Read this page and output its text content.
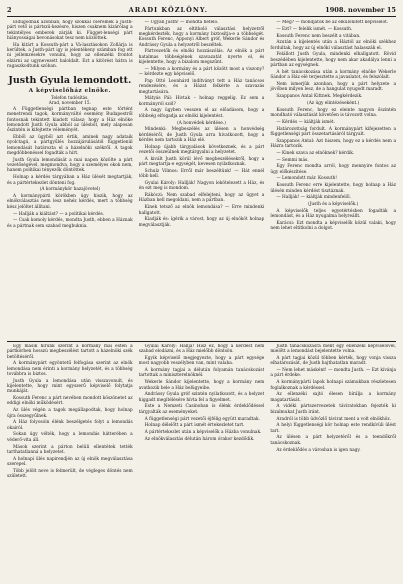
2	ARADI KÖZLÖNY.	1908. november 15

Eldugódnak azonban, hogy szokkal cserélnek a Justh-párt vető is pártszü-kezésre, hiszen csaknem kizárólag a tekintélyes emberek zárják ki. Függet-lenségi párt hiányosságai bevonásokat tesz nem közlöttek.

Ha kitárt a Kossuth-párt a Vá-lasztásokon Zollárja is kerültek, a Justh-párt igy is jelentékeny számban fog ott ni jellemzésekre vonulni, hogy az ellenzéki frontot elzárni az ugynevezett baloldalt. Ezt a kitörést hátra is ragaszkodtunk szóban.

Justh Gyula lemondott.
A képviselőház elnöke.
Telefon tudósítás.
Arad, november 15.

A Függetlenségi pártban tegnap este történt menetrendi tagok, kormányváltó esemény Budapestről fontosnak tekintett kiadott válasz; hogy a Ház elnöke lemondott Justh Gyula abból az ülésből, mely alaposan őszintén is kifejtette véleményét.

Ebből az ügyből azt értik, aminek nagy adataik nyolctagú, a pártgyűlés hozzájárulásától függetlenül lemondását határozta el a házelnöki székről. A tagok megdöbbenéssel fogadták a hírt.

Justh Gyula lemondását a mai napon közölte a párt vezetőségével, megmondva, hogy a személyes okok nem, hanem politikai tényezők döntöttek.

Holnap a kérdés tárgyában a Ház ülését megtartják, és a pártértekezlet dönteni fog.

(A kormánykör hazajövetel)

A kormánypárti körökben úgy hiszik, hogy az elnökválasztás nem lesz nehéz kérdés, mert a többség kész jelöltet állítani.

— Hallják a kiáltást? — a politikai kérdés.

— Csak komoly kérdés, mondta Justh, ebben a Háznak és a pártnak sem szabad megbuknia.

— Ugyan Justh! — mondta hetelő.

Pártunkban az eltitkoló választási helyzetről megkérdezték, hogy a kormány biztosítja-e a többségét. Kossuth Ferenc, Apponyi Albert gróf, Wekerle Sándor és Andrássy Gyula a helyzetről beszéltek.

Pártvezetők és elnöki hozzászólás. Az elnök a párt hatalmas többségének szavazatát nyerte el, és kijelentette, hogy a bizalom megszűnt.

— Milyen a kormány és a párt között most a viszony? — kérdezte egy képviselő.

Pap Ottó Leonhárd indítványt tett a Ház tanácsos rendezésére, és a Házat felkérte a szavazás megtartására.

Mátyás Pál: Hivtak – holnap reggelig. Ez sem a kormányról szól?

A nagy ügyben vesszen el az előadásom, hogy a többség elfogadja az elnöki kijelentést.

(A honvédek kérdése.)

Mindenki: Megbeszélés az ülésen a honvédség kérdéséről, de Justh Gyula arra hivatkozott, hogy a kérdés nem tartozik a Ház elé.

Holnap újabb tárgyalások következnek, és a párt vezetői összeülnek megtárgyalni a helyzetet.

A kivált Justh körül lévő megbeszélésekről, hogy a párt megtartja-e egységét, kevesen nyilatkoznak.

Schulz Vilmos: Erről már beszéltünk! — Hát ennél több kell.

Gyulai Károly: Hallják! Nagyon lekötelezett a Ház, és én ezt meg is mondom.

Rákóczi: Nem szabad elfelejteni, hogy az ügyet a Házban kell megoldani, nem a pártban.

Kinek tetsző az elnök lemondása? — Erre mindenki hallgatott.

Kiadják és: ígérik a várost, hogy az új elnököt holnap megválasztják.

— Még? — mondjátok be az elkülönített képviselőt.

— Ezt? — felelik ismét. — Kossuth.

Kossuth Ferenc nem beszélt a vitában.

Azután a kijelentés után a Háztól az elnöki székhez fordultak, hogy az új elnöki választást halasszák el.

Felállott Justh Gyula, mindenki elhallgatott. Rövid beszédében kijelentette, hogy nem akar akadálya lenni a pártban az egységnek.

A hét tanácskozása után a kormány elnöke Wekerle Sándor a Ház elé terjesztette a javaslatot, és felszólalt.

Nem ismerjük azonban, hogy a párt helyzete a jövőben milyen lesz, de a hangulat nyugodt maradt.

Szappanos Antal Kittnek. Megkérdezik.

(Az ügy elintézéseként.)

Kossuth Ferenc, hogy ez eleinte nagyon őszintén mondható választását követően is távozott volna.

— Kérdés — kiáltják ismét.

Határozottság fordult. A kormánypárt kifejezetten a függetlenségi párt összetartásáról tárgyalt.

Szappanos Antal: Azt hiszem, hogy ez a kérdés nem a Házra tartozik.

— Kinek szava az elnöknek? kérdik.

— Semmi más.

Egy Ferenc mondta arról, hogy mennyire fontos az ügy előkészítése.

— Lemondott már. Kossuth!

Kossuth Ferenc erre kijelentette, hogy holnap a Ház ülésén minden kérdést tisztáznak.

— Hallják! — kiáltják mindenfelől.

(Justh és a képviselők.)

A képviselők teljes egyetértésben fogadták a lemondást, és a Ház nyugalma helyreállt.

Karácsi: Ezt mondta a képviselők közül valaki, hogy nem lehet eltitkolni a dolgot.

Egy másik hírünk szerint a kormány mai estén a pártkörben hosszú megbeszélést tartott a házelnöki szék betöltéséről.

A kormánypárt egyöntetű felfogása szerint az elnök lemondása nem érinti a kormány helyzetét, és a többség továbbra is biztos.

Justh Gyula a lemondása után visszavonult, és kijelentette, hogy mint egyszerű képviselő folytatja munkáját.

Kossuth Ferenc a párt nevében mondott köszönetet az eddigi elnöki működésért.

Az ülés végén a tagok megállapodtak, hogy holnap újra összegyűlnek.

A Ház folyosóin élénk beszélgetés folyt a lemondás okairól.

Sokan úgy vélték, hogy a lemondás hátterében a véderő-vita áll.

Mások szerint a párton belüli ellentétek tették tarthatatlanná a helyzetet.

A holnapi ülés napirendjén az új elnök megválasztása szerepel.

Több jelölt neve is felmerült, de végleges döntés nem született.

Gyulai Károly: Hallja! Hisz ez, hogy a kérdést nem szabad elodázni, és a Ház mielőbb döntsön.

Egyik képviselő megjegyezte, hogy a párt egysége most nagyobb veszélyben van, mint valaha.

A kormány tagjai a délután folyamán tanácskozást tartottak a miniszterelnöknél.

Wekerle Sándor kijelentette, hogy a kormány nem avatkozik bele a Ház belügyeibe.

Andrássy Gyula gróf szintén nyilatkozott, és a helyzet higgadt megítélésére hívta fel a figyelmet.

Este a Nemzeti Casinoban is élénk érdeklődéssel tárgyalták az eseményeket.

A függetlenségi párt vezetői éjfélig együtt maradtak.

Holnap délelőtt a párt ismét értekezletet tart.

A pártértekezlet után a képviselők a Házba vonulnak.

Az elnökválasztás délután három órakor kezdődik.

Justh tanácskozásra ment egy ellenzéki képviselővel, mielőtt a lemondást bejelentette volna.

A párt tagjai közül többen kérték, hogy vonja vissza elhatározását, de Justh hajthatatlan maradt.

— Nem lehet másként! — mondta Justh. — Ezt kívánja a párt érdeke.

A kormánypárti lapok holnapi számukban részletesen foglalkoznak a kérdéssel.

Az ellenzéki sajtó élesen bírálja a kormány magatartását.

A vidéki pártszervezetek táviratokban fejezték ki bizalmukat Justh iránt.

Aradról is több üdvözlő távirat ment a volt elnökhöz.

A helyi függetlenségi kör holnap este rendkívüli ülést tart.

Az ülésen a párt helyzetéről és a teendőkről tanácskoznak.

Az érdeklődés a városban is igen nagy.
